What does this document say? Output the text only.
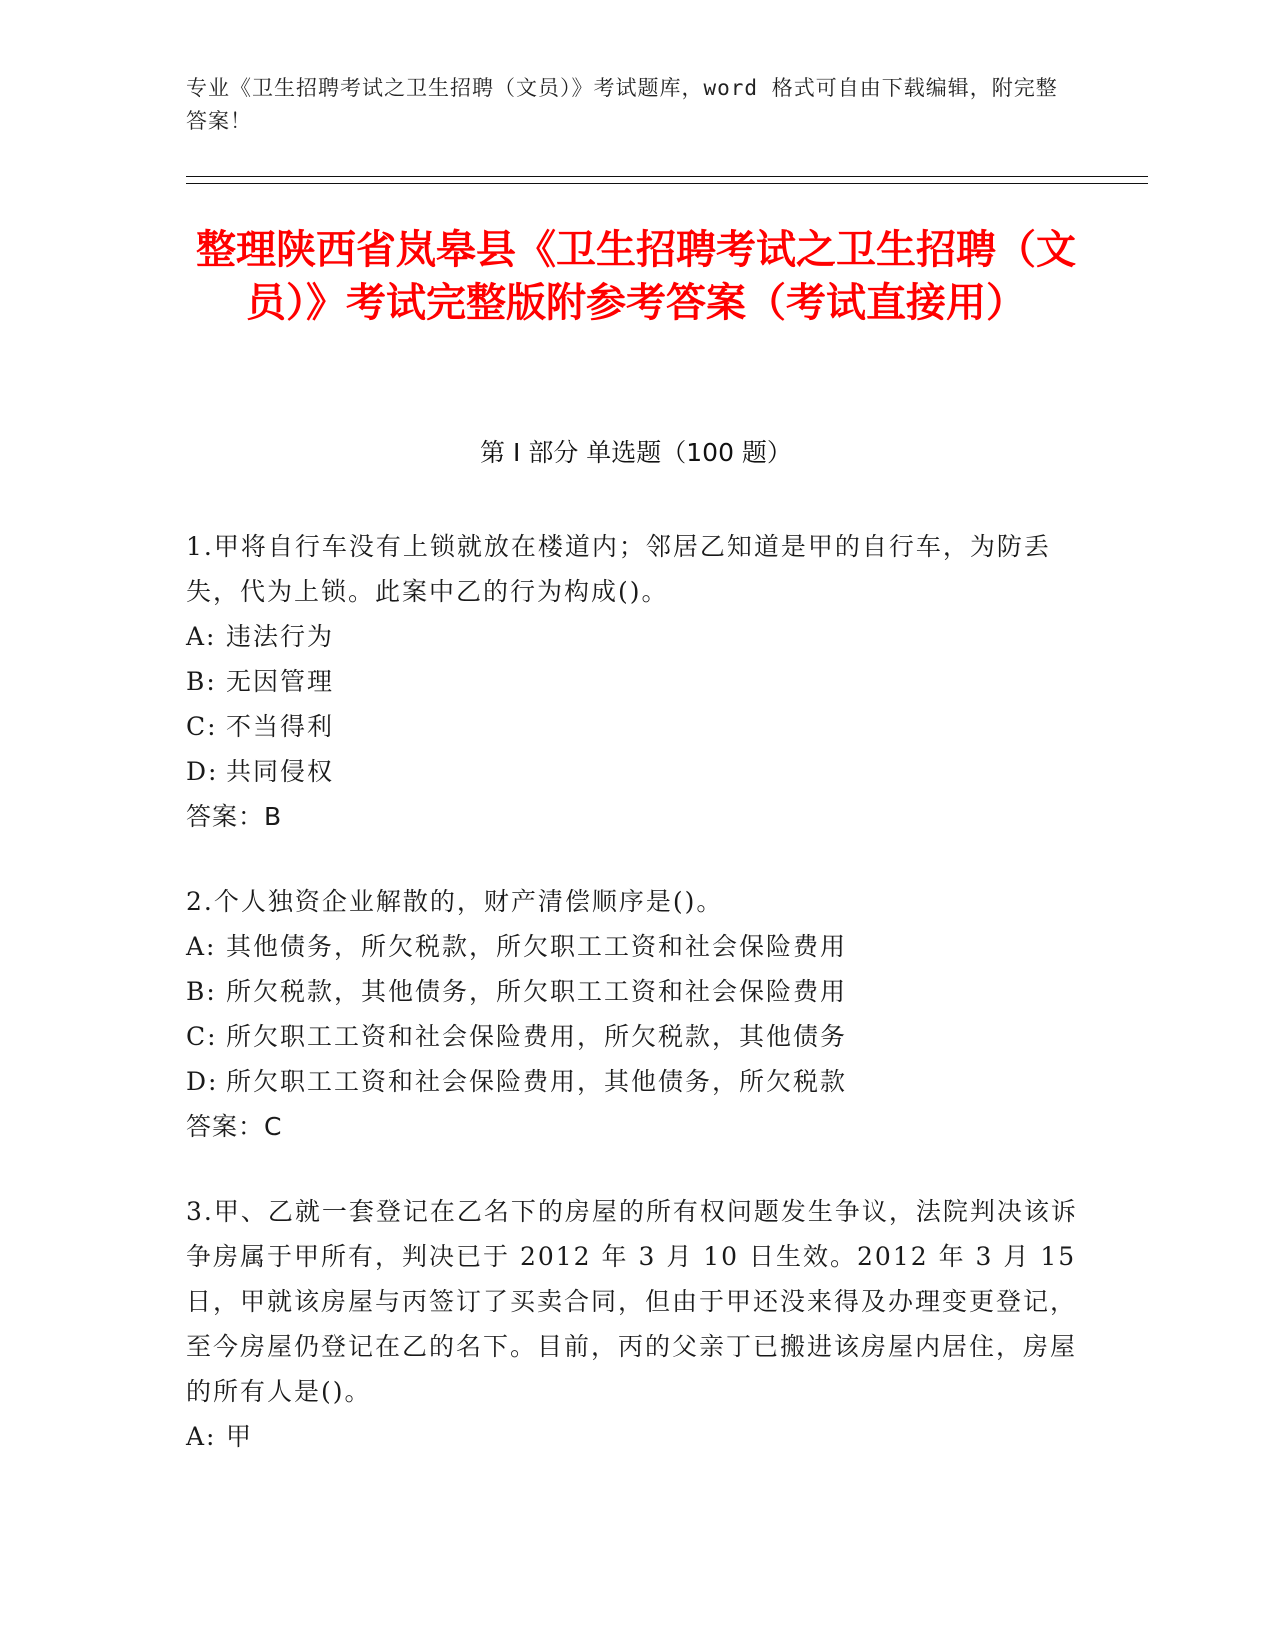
专业《卫生招聘考试之卫生招聘（文员）》考试题库，word 格式可自由下载编辑，附完整答案！
整理陕西省岚皋县《卫生招聘考试之卫生招聘（文员）》考试完整版附参考答案（考试直接用）
第 I 部分 单选题（100 题）

1.甲将自行车没有上锁就放在楼道内；邻居乙知道是甲的自行车，为防丢失，代为上锁。此案中乙的行为构成()。

A: 违法行为

B: 无因管理

C: 不当得利

D: 共同侵权

答案：B

2.个人独资企业解散的，财产清偿顺序是()。

A: 其他债务，所欠税款，所欠职工工资和社会保险费用

B: 所欠税款，其他债务，所欠职工工资和社会保险费用

C: 所欠职工工资和社会保险费用，所欠税款，其他债务

D: 所欠职工工资和社会保险费用，其他债务，所欠税款

答案：C

3.甲、乙就一套登记在乙名下的房屋的所有权问题发生争议，法院判决该诉争房属于甲所有，判决已于 2012 年 3 月 10 日生效。2012 年 3 月 15 日，甲就该房屋与丙签订了买卖合同，但由于甲还没来得及办理变更登记，至今房屋仍登记在乙的名下。目前，丙的父亲丁已搬进该房屋内居住，房屋的所有人是()。

A: 甲
